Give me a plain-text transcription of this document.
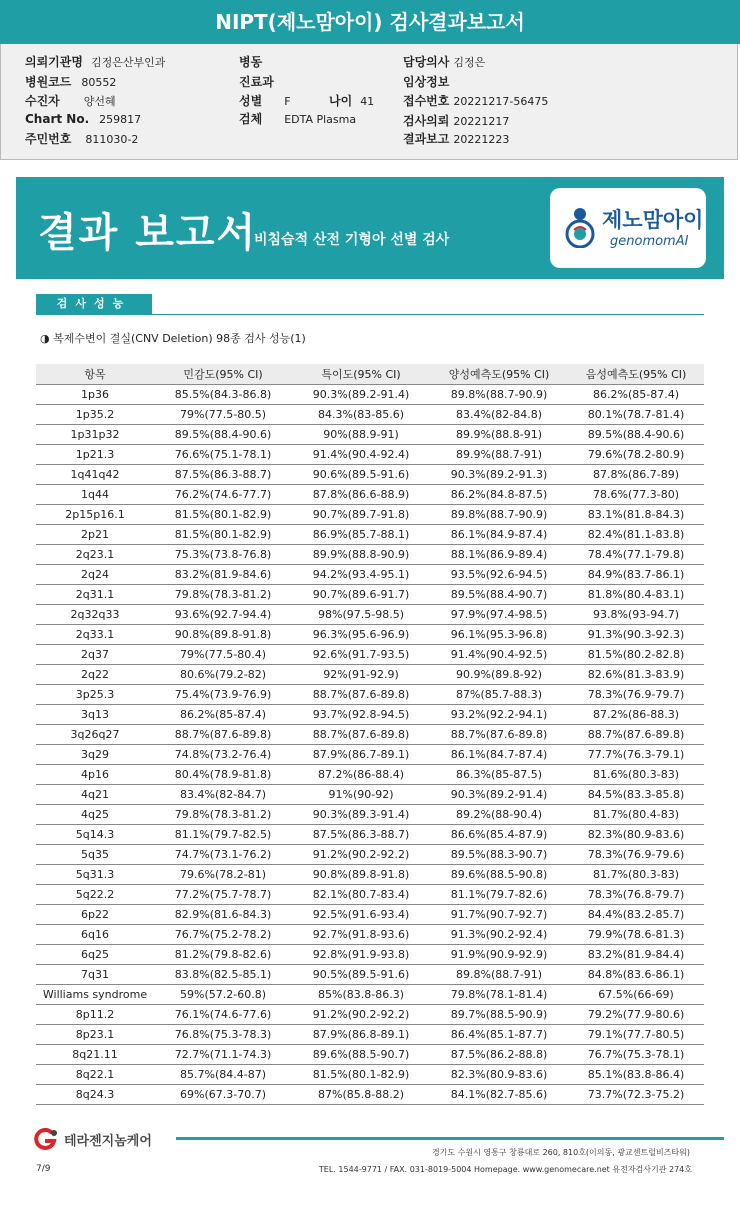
NIPT(제노맘아이) 검사결과보고서
의뢰기관명 김정은산부인과
병원코드 80552
수진자 양선혜
Chart No. 259817
주민번호 811030-2
병동
진료과
성별 F	나이 41
검체 EDTA Plasma
담당의사 김정은
임상정보
접수번호 20221217-56475
검사의뢰 20221217
결과보고 20221223
결과 보고서
비침습적 산전 기형아 선별 검사
제노맘아이
genomomAI
검사성능
◑ 복제수변이 결실(CNV Deletion) 98종 검사 성능(1)
항목	민감도(95% CI)	특이도(95% CI)	양성예측도(95% CI)	음성예측도(95% CI)
1p36	85.5%(84.3-86.8)	90.3%(89.2-91.4)	89.8%(88.7-90.9)	86.2%(85-87.4)
1p35.2	79%(77.5-80.5)	84.3%(83-85.6)	83.4%(82-84.8)	80.1%(78.7-81.4)
1p31p32	89.5%(88.4-90.6)	90%(88.9-91)	89.9%(88.8-91)	89.5%(88.4-90.6)
1p21.3	76.6%(75.1-78.1)	91.4%(90.4-92.4)	89.9%(88.7-91)	79.6%(78.2-80.9)
1q41q42	87.5%(86.3-88.7)	90.6%(89.5-91.6)	90.3%(89.2-91.3)	87.8%(86.7-89)
1q44	76.2%(74.6-77.7)	87.8%(86.6-88.9)	86.2%(84.8-87.5)	78.6%(77.3-80)
2p15p16.1	81.5%(80.1-82.9)	90.7%(89.7-91.8)	89.8%(88.7-90.9)	83.1%(81.8-84.3)
2p21	81.5%(80.1-82.9)	86.9%(85.7-88.1)	86.1%(84.9-87.4)	82.4%(81.1-83.8)
2q23.1	75.3%(73.8-76.8)	89.9%(88.8-90.9)	88.1%(86.9-89.4)	78.4%(77.1-79.8)
2q24	83.2%(81.9-84.6)	94.2%(93.4-95.1)	93.5%(92.6-94.5)	84.9%(83.7-86.1)
2q31.1	79.8%(78.3-81.2)	90.7%(89.6-91.7)	89.5%(88.4-90.7)	81.8%(80.4-83.1)
2q32q33	93.6%(92.7-94.4)	98%(97.5-98.5)	97.9%(97.4-98.5)	93.8%(93-94.7)
2q33.1	90.8%(89.8-91.8)	96.3%(95.6-96.9)	96.1%(95.3-96.8)	91.3%(90.3-92.3)
2q37	79%(77.5-80.4)	92.6%(91.7-93.5)	91.4%(90.4-92.5)	81.5%(80.2-82.8)
2q22	80.6%(79.2-82)	92%(91-92.9)	90.9%(89.8-92)	82.6%(81.3-83.9)
3p25.3	75.4%(73.9-76.9)	88.7%(87.6-89.8)	87%(85.7-88.3)	78.3%(76.9-79.7)
3q13	86.2%(85-87.4)	93.7%(92.8-94.5)	93.2%(92.2-94.1)	87.2%(86-88.3)
3q26q27	88.7%(87.6-89.8)	88.7%(87.6-89.8)	88.7%(87.6-89.8)	88.7%(87.6-89.8)
3q29	74.8%(73.2-76.4)	87.9%(86.7-89.1)	86.1%(84.7-87.4)	77.7%(76.3-79.1)
4p16	80.4%(78.9-81.8)	87.2%(86-88.4)	86.3%(85-87.5)	81.6%(80.3-83)
4q21	83.4%(82-84.7)	91%(90-92)	90.3%(89.2-91.4)	84.5%(83.3-85.8)
4q25	79.8%(78.3-81.2)	90.3%(89.3-91.4)	89.2%(88-90.4)	81.7%(80.4-83)
5q14.3	81.1%(79.7-82.5)	87.5%(86.3-88.7)	86.6%(85.4-87.9)	82.3%(80.9-83.6)
5q35	74.7%(73.1-76.2)	91.2%(90.2-92.2)	89.5%(88.3-90.7)	78.3%(76.9-79.6)
5q31.3	79.6%(78.2-81)	90.8%(89.8-91.8)	89.6%(88.5-90.8)	81.7%(80.3-83)
5q22.2	77.2%(75.7-78.7)	82.1%(80.7-83.4)	81.1%(79.7-82.6)	78.3%(76.8-79.7)
6p22	82.9%(81.6-84.3)	92.5%(91.6-93.4)	91.7%(90.7-92.7)	84.4%(83.2-85.7)
6q16	76.7%(75.2-78.2)	92.7%(91.8-93.6)	91.3%(90.2-92.4)	79.9%(78.6-81.3)
6q25	81.2%(79.8-82.6)	92.8%(91.9-93.8)	91.9%(90.9-92.9)	83.2%(81.9-84.4)
7q31	83.8%(82.5-85.1)	90.5%(89.5-91.6)	89.8%(88.7-91)	84.8%(83.6-86.1)
Williams syndrome	59%(57.2-60.8)	85%(83.8-86.3)	79.8%(78.1-81.4)	67.5%(66-69)
8p11.2	76.1%(74.6-77.6)	91.2%(90.2-92.2)	89.7%(88.5-90.9)	79.2%(77.9-80.6)
8p23.1	76.8%(75.3-78.3)	87.9%(86.8-89.1)	86.4%(85.1-87.7)	79.1%(77.7-80.5)
8q21.11	72.7%(71.1-74.3)	89.6%(88.5-90.7)	87.5%(86.2-88.8)	76.7%(75.3-78.1)
8q22.1	85.7%(84.4-87)	81.5%(80.1-82.9)	82.3%(80.9-83.6)	85.1%(83.8-86.4)
8q24.3	69%(67.3-70.7)	87%(85.8-88.2)	84.1%(82.7-85.6)	73.7%(72.3-75.2)
테라젠지놈케어
경기도 수원시 영통구 창룡대로 260, 810호(이의동, 광교센트럴비즈타워)
TEL. 1544-9771 / FAX. 031-8019-5004 Homepage. www.genomecare.net 유전자검사기관 274호
7/9
